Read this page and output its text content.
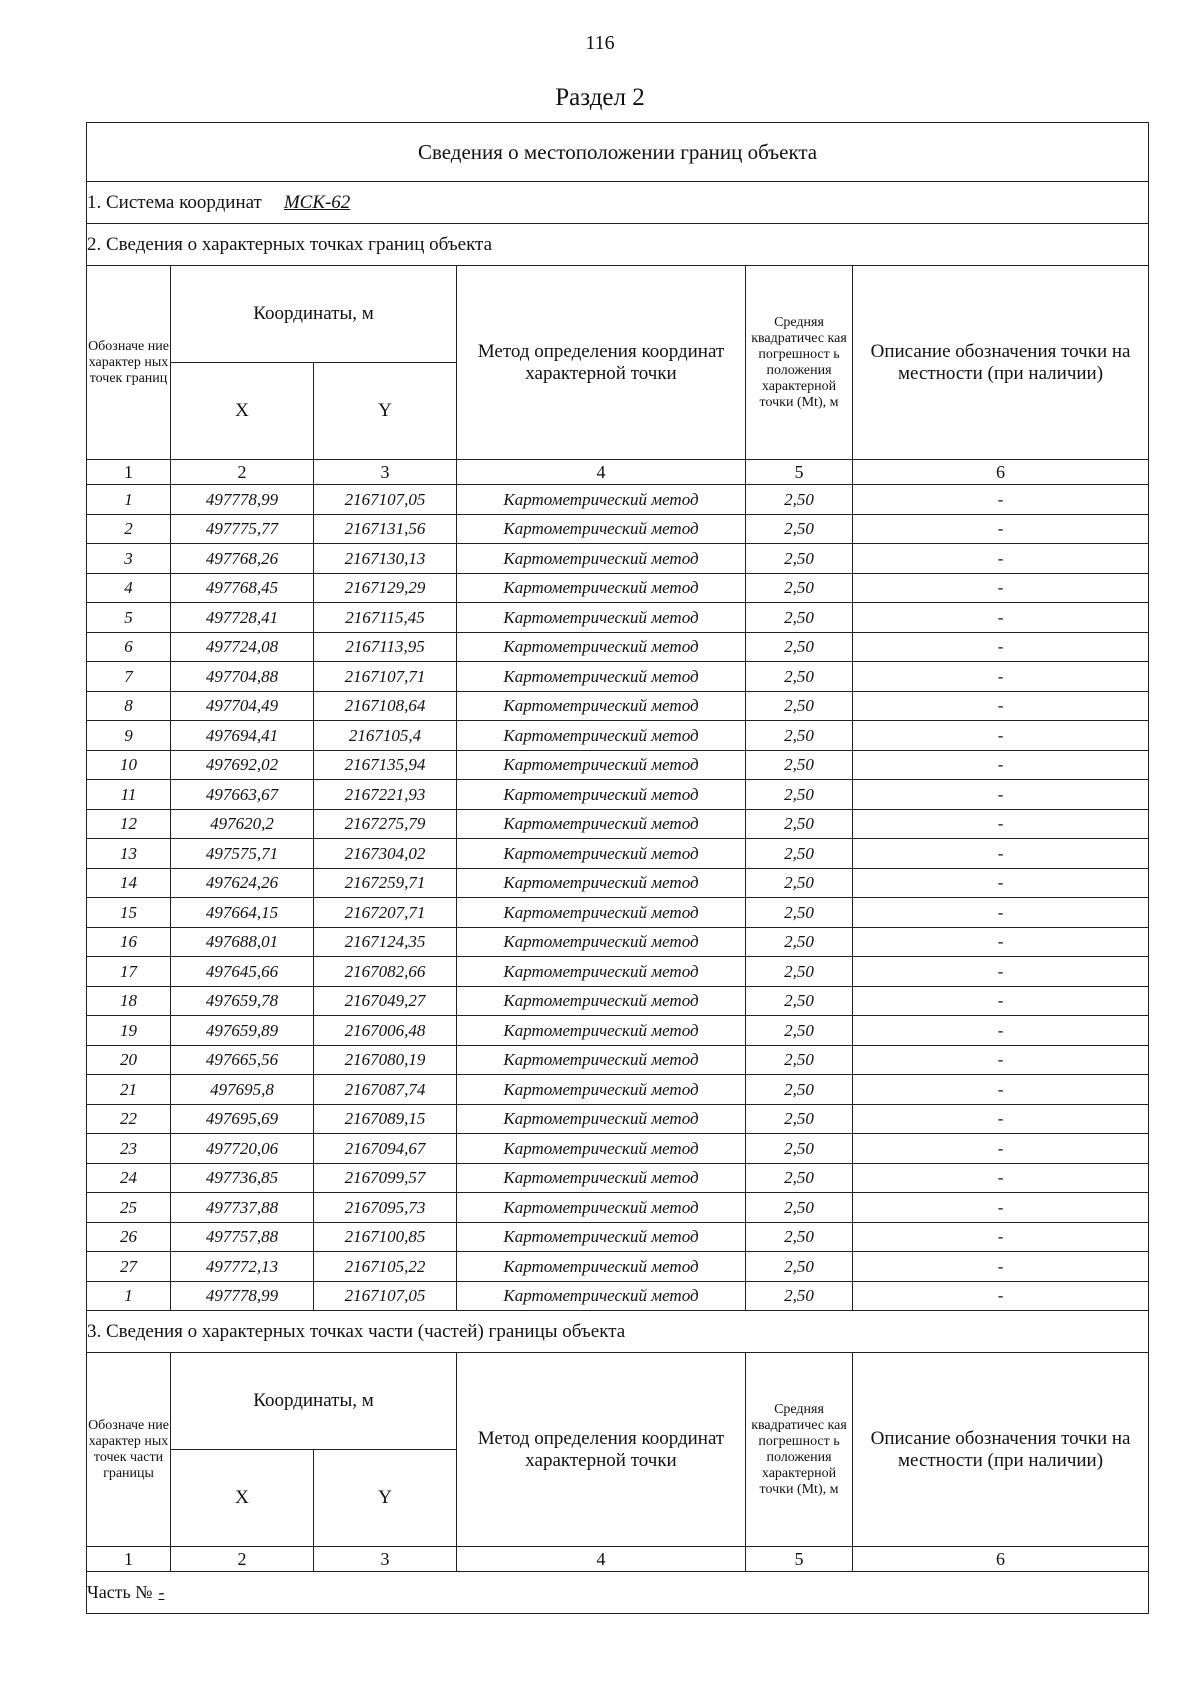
116
Раздел 2
Сведения о местоположении границ объекта					
1. Система координат МСК-62					
2. Сведения о характерных точках границ объекта					
Обозначе ние характер ных точек границ	Координаты, м		Метод определения координат характерной точки	Средняя квадратичес кая погрешност ь положения характерной точки (Mt), м	Описание обозначения точки на местности (при наличии)
	X	Y			
1	2	3	4	5	6
1	497778,99	2167107,05	Картометрический метод	2,50	-
2	497775,77	2167131,56	Картометрический метод	2,50	-
3	497768,26	2167130,13	Картометрический метод	2,50	-
4	497768,45	2167129,29	Картометрический метод	2,50	-
5	497728,41	2167115,45	Картометрический метод	2,50	-
6	497724,08	2167113,95	Картометрический метод	2,50	-
7	497704,88	2167107,71	Картометрический метод	2,50	-
8	497704,49	2167108,64	Картометрический метод	2,50	-
9	497694,41	2167105,4	Картометрический метод	2,50	-
10	497692,02	2167135,94	Картометрический метод	2,50	-
11	497663,67	2167221,93	Картометрический метод	2,50	-
12	497620,2	2167275,79	Картометрический метод	2,50	-
13	497575,71	2167304,02	Картометрический метод	2,50	-
14	497624,26	2167259,71	Картометрический метод	2,50	-
15	497664,15	2167207,71	Картометрический метод	2,50	-
16	497688,01	2167124,35	Картометрический метод	2,50	-
17	497645,66	2167082,66	Картометрический метод	2,50	-
18	497659,78	2167049,27	Картометрический метод	2,50	-
19	497659,89	2167006,48	Картометрический метод	2,50	-
20	497665,56	2167080,19	Картометрический метод	2,50	-
21	497695,8	2167087,74	Картометрический метод	2,50	-
22	497695,69	2167089,15	Картометрический метод	2,50	-
23	497720,06	2167094,67	Картометрический метод	2,50	-
24	497736,85	2167099,57	Картометрический метод	2,50	-
25	497737,88	2167095,73	Картометрический метод	2,50	-
26	497757,88	2167100,85	Картометрический метод	2,50	-
27	497772,13	2167105,22	Картометрический метод	2,50	-
1	497778,99	2167107,05	Картометрический метод	2,50	-
3. Сведения о характерных точках части (частей) границы объекта					
Обозначе ние характер ных точек части границы	Координаты, м		Метод определения координат характерной точки	Средняя квадратичес кая погрешност ь положения характерной точки (Mt), м	Описание обозначения точки на местности (при наличии)
	X	Y			
1	2	3	4	5	6
Часть № -					
